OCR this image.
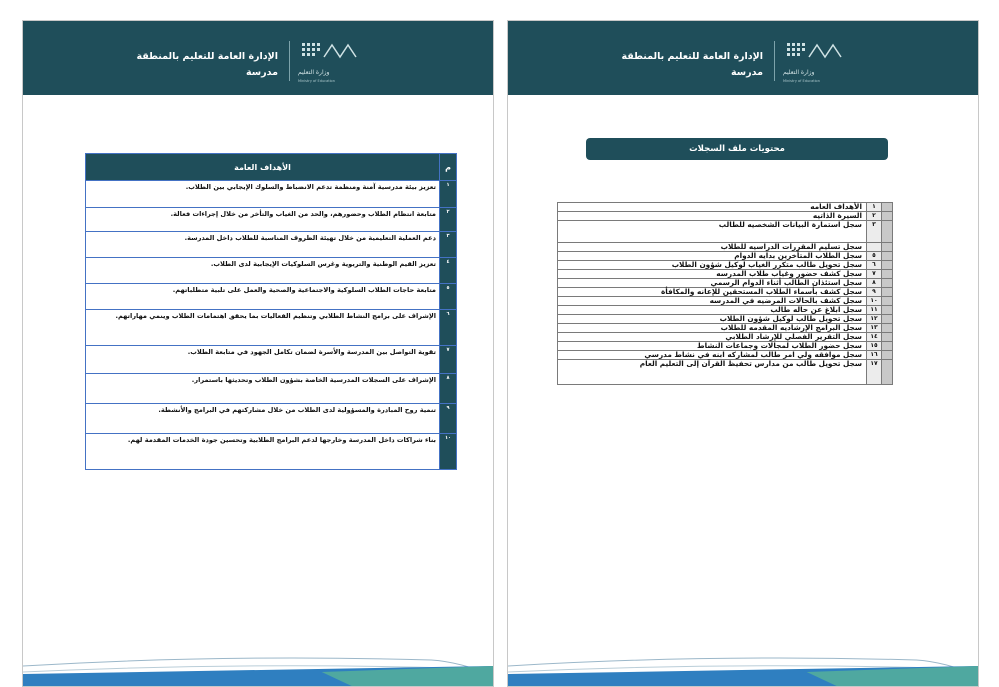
الإدارة العامة للتعليم بالمنطقة
مدرسة	وزارة التعليم
Ministry of Education
م	الأهداف العامة
١	تعزيز بيئة مدرسية آمنة ومنظمة تدعم الانضباط والسلوك الإيجابي بين الطلاب.
٢	متابعة انتظام الطلاب وحضورهم، والحد من الغياب والتأخر من خلال إجراءات فعالة.
٣	دعم العملية التعليمية من خلال تهيئة الظروف المناسبة للطلاب داخل المدرسة.
٤	تعزيز القيم الوطنية والتربوية وغرس السلوكيات الإيجابية لدى الطلاب.
٥	متابعة حاجات الطلاب السلوكية والاجتماعية والصحية والعمل على تلبية متطلباتهم.
٦	الإشراف على برامج النشاط الطلابي وتنظيم الفعاليات بما يحقق اهتمامات الطلاب وينمي مهاراتهم.
٧	تقوية التواصل بين المدرسة والأسرة لضمان تكامل الجهود في متابعة الطلاب.
٨	الإشراف على السجلات المدرسية الخاصة بشؤون الطلاب وتحديثها باستمرار.
٩	تنمية روح المبادرة والمسؤولية لدى الطلاب من خلال مشاركتهم في البرامج والأنشطة.
١٠	بناء شراكات داخل المدرسة وخارجها لدعم البرامج الطلابية وتحسين جودة الخدمات المقدمة لهم.
الإدارة العامة للتعليم بالمنطقة
مدرسة	وزارة التعليم
Ministry of Education
محتويات ملف السجلات
	١	الأهداف العامه
	٢	السيرة الذاتيه
	٣	سجل استمارة البيانات الشخصيه للطالب
		سجل تسليم المقررات الدراسيه للطلاب
	٥	سجل الطلاب المتأخرين بدايه الدوام
	٦	سجل تحويل طالب متكرر الغياب لوكيل شؤون الطلاب
	٧	سجل كشف حضور وغياب طلاب المدرسه
	٨	سجل استئذان الطالب أثناء الدوام الرسمي
	٩	سجل كشف بأسماء الطلاب المستحقين للإعانه والمكافأة
	١٠	سجل كشف بالحالات المرضيه في المدرسه
	١١	سجل ابلاغ عن حاله طالب
	١٢	سجل تحويل طالب لوكيل شؤون الطلاب
	١٣	سجل البرامج الإرشاديه المقدمه للطلاب
	١٤	سجل التقرير الفصلي للإرشاد الطلابي
	١٥	سجل حضور الطلاب لمجالات وجماعات النشاط
	١٦	سجل موافقه ولي امر طالب لمشاركه ابنه في نشاط مدرسي
	١٧	سجل تحويل طالب من مدارس تحفيظ القرآن إلى التعليم العام
